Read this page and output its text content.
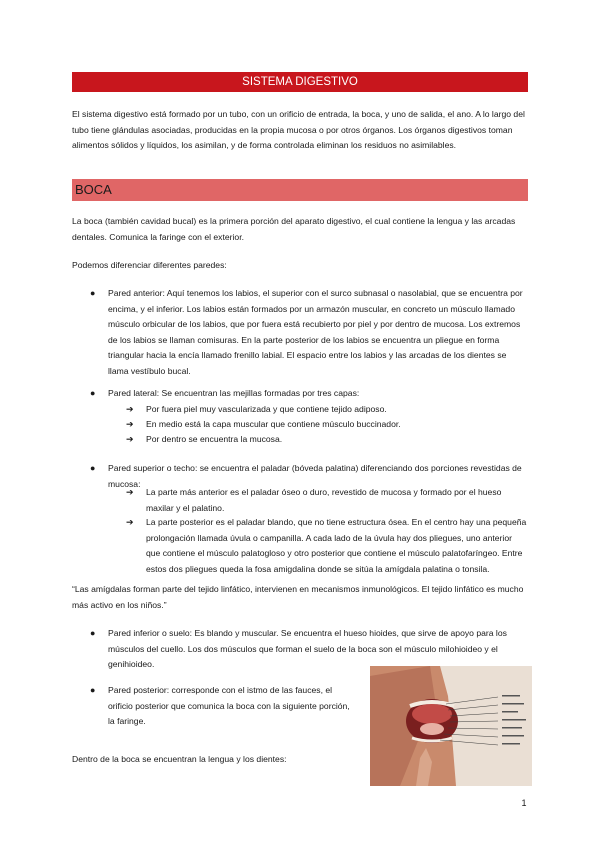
SISTEMA DIGESTIVO

El sistema digestivo está formado por un tubo, con un orificio de entrada, la boca, y uno de salida, el ano. A lo largo del tubo tiene glándulas asociadas, producidas en la propia mucosa o por otros órganos. Los órganos digestivos toman alimentos sólidos y líquidos, los asimilan, y de forma controlada eliminan los residuos no asimilables.

BOCA

La boca (también cavidad bucal) es la primera porción del aparato digestivo, el cual contiene la lengua y las arcadas dentales. Comunica la faringe con el exterior.

Podemos diferenciar diferentes paredes:

●	Pared anterior: Aquí tenemos los labios, el superior con el surco subnasal o nasolabial, que se encuentra por encima, y el inferior. Los labios están formados por un armazón muscular, en concreto un músculo llamado músculo orbicular de los labios, que por fuera está recubierto por piel y por dentro de mucosa. Los extremos de los labios se llaman comisuras. En la parte posterior de los labios se encuentra un pliegue en forma triangular hacia la encía llamado frenillo labial. El espacio entre los labios y las arcadas de los dientes se llama vestíbulo bucal.
●	Pared lateral: Se encuentran las mejillas formadas por tres capas:
➔ Por fuera piel muy vascularizada y que contiene tejido adiposo.
➔ En medio está la capa muscular que contiene músculo buccinador.
➔ Por dentro se encuentra la mucosa.
●	Pared superior o techo: se encuentra el paladar (bóveda palatina) diferenciando dos porciones revestidas de mucosa:
➔ La parte más anterior es el paladar óseo o duro, revestido de mucosa y formado por el hueso maxilar y el palatino.
➔ La parte posterior es el paladar blando, que no tiene estructura ósea. En el centro hay una pequeña prolongación llamada úvula o campanilla. A cada lado de la úvula hay dos pliegues, uno anterior que contiene el músculo palatogloso y otro posterior que contiene el músculo palatofaríngeo. Entre estos dos pliegues queda la fosa amigdalina donde se sitúa la amígdala palatina o tonsila.

“Las amígdalas forman parte del tejido linfático, intervienen en mecanismos inmunológicos. El tejido linfático es mucho más activo en los niños.”

●	Pared inferior o suelo: Es blando y muscular. Se encuentra el hueso hioides, que sirve de apoyo para los músculos del cuello. Los dos músculos que forman el suelo de la boca son el músculo milohioideo y el genihioideo.
●	Pared posterior: corresponde con el istmo de las fauces, el orificio posterior que comunica la boca con la siguiente porción, la faringe.

Dentro de la boca se encuentran la lengua y los dientes:

1
